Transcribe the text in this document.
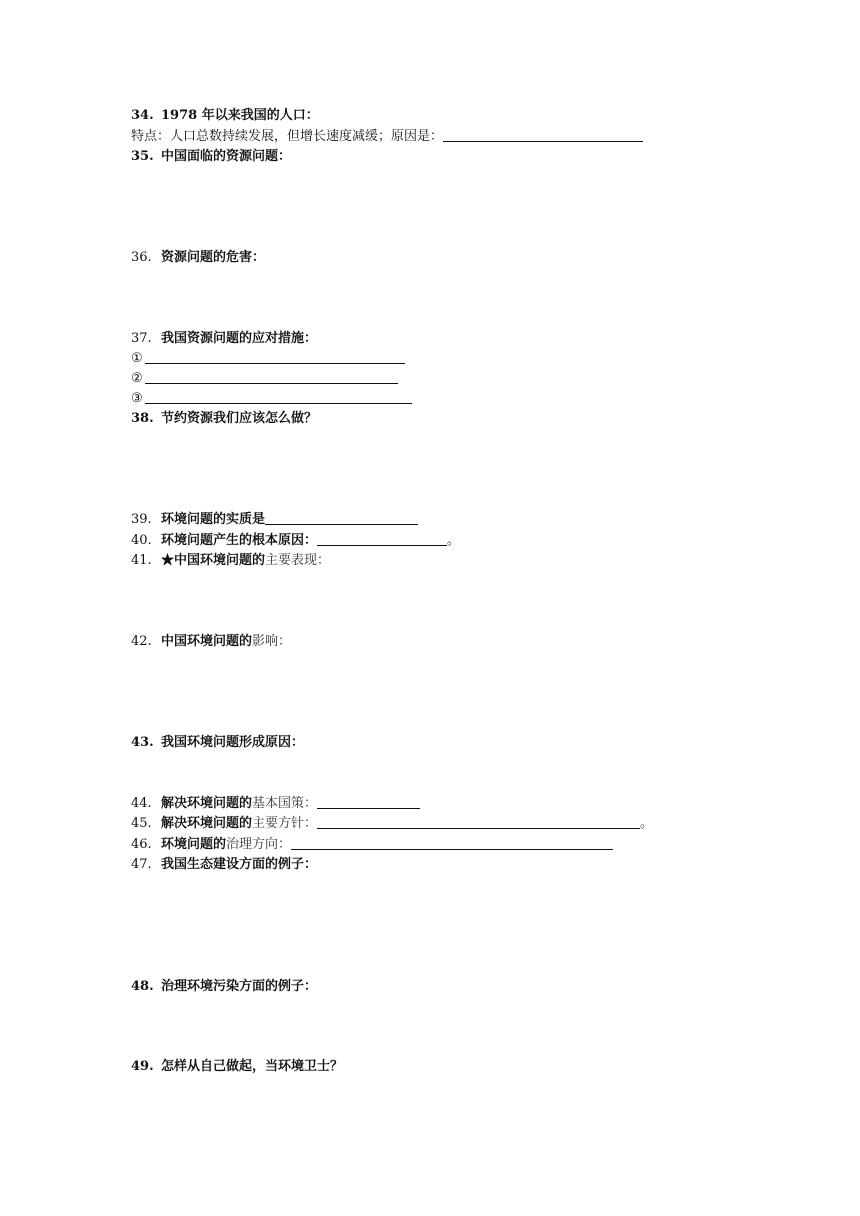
34. 1978 年以来我国的人口：
特点：人口总数持续发展，但增长速度减缓；原因是：
35. 中国面临的资源问题：
36. 资源问题的危害：
37. 我国资源问题的应对措施：
①
②
③
38. 节约资源我们应该怎么做？
39. 环境问题的实质是
40. 环境问题产生的根本原因：	。
41. ★中国环境问题的主要表现：
42. 中国环境问题的影响：
43. 我国环境问题形成原因：
44. 解决环境问题的基本国策：
45. 解决环境问题的主要方针：	。
46. 环境问题的治理方向：
47. 我国生态建设方面的例子：
48. 治理环境污染方面的例子：
49. 怎样从自己做起，当环境卫士？
